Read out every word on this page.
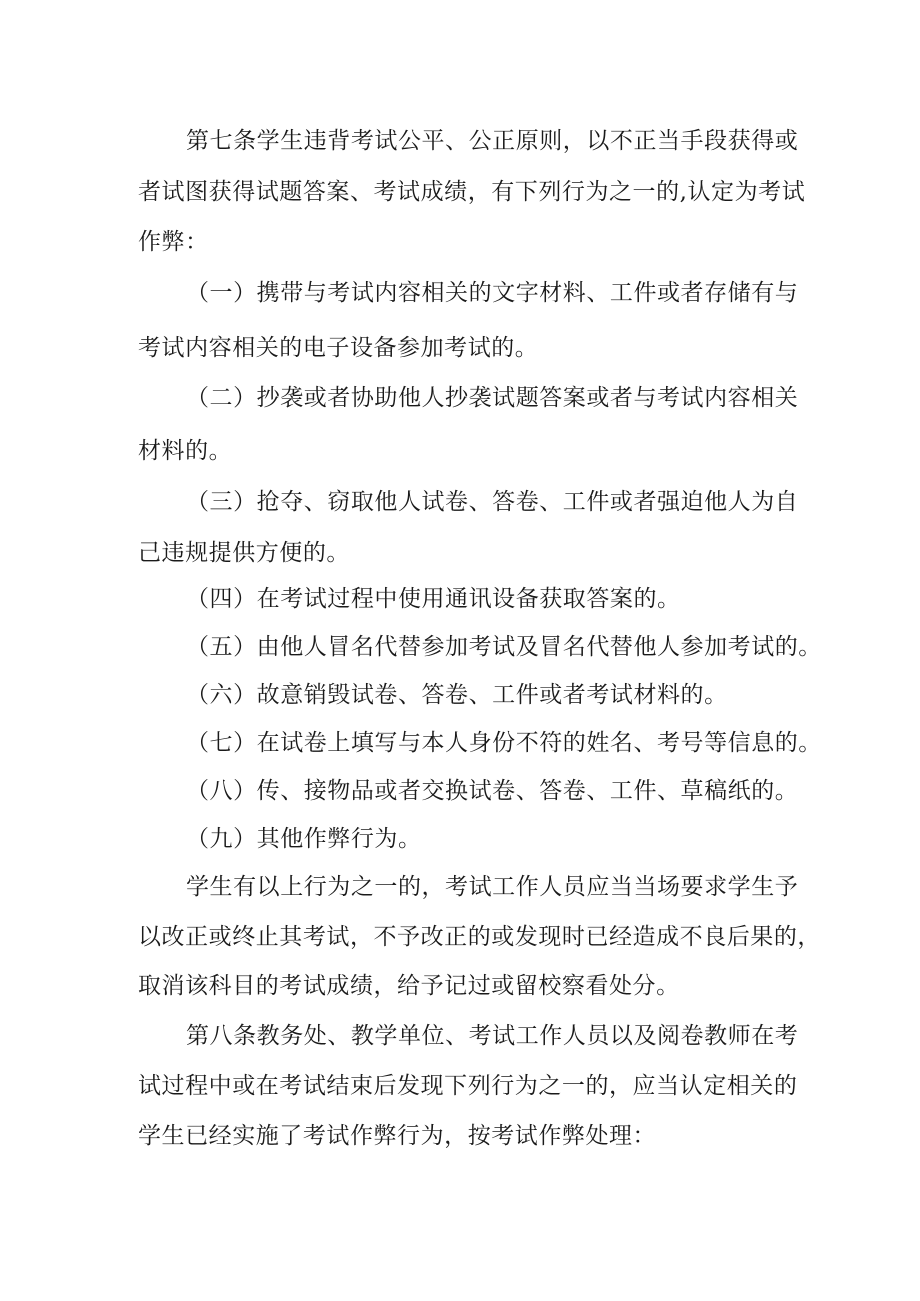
第七条学生违背考试公平、公正原则，以不正当手段获得或
者试图获得试题答案、考试成绩，有下列行为之一的,认定为考试
作弊：
（一）携带与考试内容相关的文字材料、工件或者存储有与
考试内容相关的电子设备参加考试的。
（二）抄袭或者协助他人抄袭试题答案或者与考试内容相关
材料的。
（三）抢夺、窃取他人试卷、答卷、工件或者强迫他人为自
己违规提供方便的。
（四）在考试过程中使用通讯设备获取答案的。
（五）由他人冒名代替参加考试及冒名代替他人参加考试的。
（六）故意销毁试卷、答卷、工件或者考试材料的。
（七）在试卷上填写与本人身份不符的姓名、考号等信息的。
（八）传、接物品或者交换试卷、答卷、工件、草稿纸的。
（九）其他作弊行为。
学生有以上行为之一的，考试工作人员应当当场要求学生予
以改正或终止其考试，不予改正的或发现时已经造成不良后果的，
取消该科目的考试成绩，给予记过或留校察看处分。
第八条教务处、教学单位、考试工作人员以及阅卷教师在考
试过程中或在考试结束后发现下列行为之一的，应当认定相关的
学生已经实施了考试作弊行为，按考试作弊处理：
